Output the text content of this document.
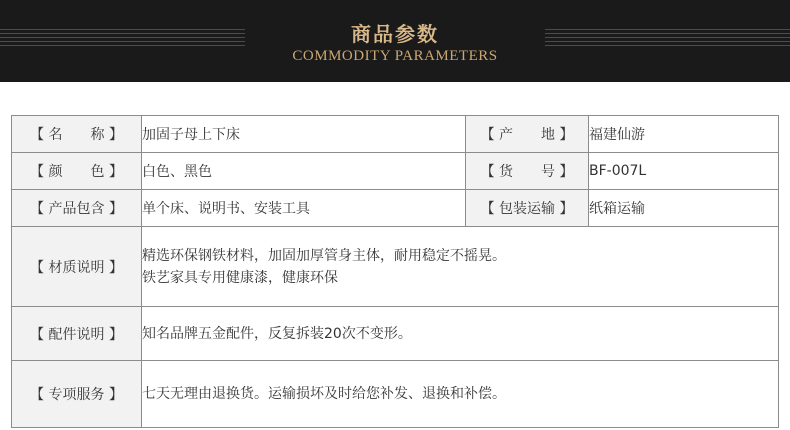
商品参数
COMMODITY PARAMETERS
【 名　　称 】	加固子母上下床	【 产　　地 】	福建仙游
【 颜　　色 】	白色、黑色	【 货　　号 】	BF-007L
【 产品包含 】	单个床、说明书、安装工具	【 包装运输 】	纸箱运输
【 材质说明 】	精选环保钢铁材料，加固加厚管身主体，耐用稳定不摇晃。
铁艺家具专用健康漆，健康环保		

【 配件说明 】	知名品牌五金配件，反复拆装20次不变形。		

【 专项服务 】	七天无理由退换货。运输损坏及时给您补发、退换和补偿。		
